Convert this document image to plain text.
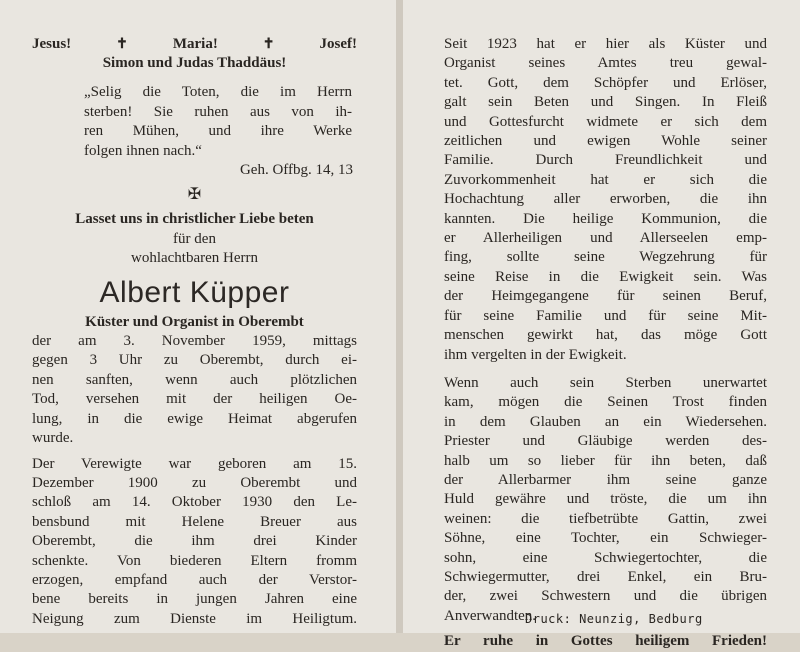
Jesus!	✝	Maria!	✝	Josef!
Simon und Judas Thaddäus!
„Selig die Toten, die im Herrn
sterben! Sie ruhen aus von ih-
ren Mühen, und ihre Werke
folgen ihnen nach.“
Geh. Offbg. 14, 13
✠
Lasset uns in christlicher Liebe beten
für den
wohlachtbaren Herrn
Albert Küpper
Küster und Organist in Oberembt
der am 3. November 1959, mittags
gegen 3 Uhr zu Oberembt, durch ei-
nen sanften, wenn auch plötzlichen
Tod, versehen mit der heiligen Oe-
lung, in die ewige Heimat abgerufen
wurde.
Der Verewigte war geboren am 15.
Dezember 1900 zu Oberembt und
schloß am 14. Oktober 1930 den Le-
bensbund mit Helene Breuer aus
Oberembt, die ihm drei Kinder
schenkte. Von biederen Eltern fromm
erzogen, empfand auch der Verstor-
bene bereits in jungen Jahren eine
Neigung zum Dienste im Heiligtum.
Seit 1923 hat er hier als Küster und
Organist seines Amtes treu gewal-
tet. Gott, dem Schöpfer und Erlöser,
galt sein Beten und Singen. In Fleiß
und Gottesfurcht widmete er sich dem
zeitlichen und ewigen Wohle seiner
Familie. Durch Freundlichkeit und
Zuvorkommenheit hat er sich die
Hochachtung aller erworben, die ihn
kannten. Die heilige Kommunion, die
er Allerheiligen und Allerseelen emp-
fing, sollte seine Wegzehrung für
seine Reise in die Ewigkeit sein. Was
der Heimgegangene für seinen Beruf,
für seine Familie und für seine Mit-
menschen gewirkt hat, das möge Gott
ihm vergelten in der Ewigkeit.
Wenn auch sein Sterben unerwartet
kam, mögen die Seinen Trost finden
in dem Glauben an ein Wiedersehen.
Priester und Gläubige werden des-
halb um so lieber für ihn beten, daß
der Allerbarmer ihm seine ganze
Huld gewähre und tröste, die um ihn
weinen: die tiefbetrübte Gattin, zwei
Söhne, eine Tochter, ein Schwieger-
sohn, eine Schwiegertochter, die
Schwiegermutter, drei Enkel, ein Bru-
der, zwei Schwestern und die übrigen
Anverwandten.
Er ruhe in Gottes heiligem Frieden!
Druck: Neunzig, Bedburg
